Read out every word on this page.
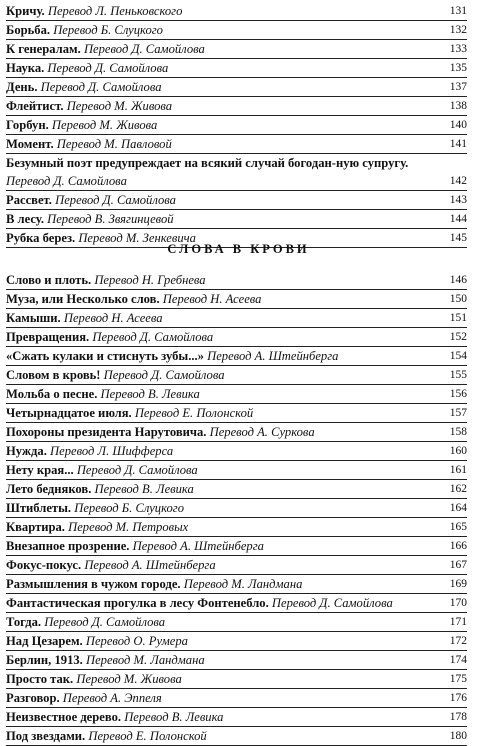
Кричу. Перевод Л. Пеньковского	131
Борьба. Перевод Б. Слуцкого	132
К генералам. Перевод Д. Самойлова	133
Наука. Перевод Д. Самойлова	135
День. Перевод Д. Самойлова	137
Флейтист. Перевод М. Живова	138
Горбун. Перевод М. Живова	140
Момент. Перевод М. Павловой	141
Безумный поэт предупреждает на всякий случай богодан-ную супругу. Перевод Д. Самойлова	142
Рассвет. Перевод Д. Самойлова	143
В лесу. Перевод В. Звягинцевой	144
Рубка берез. Перевод М. Зенкевича	145
СЛОВА В КРОВИ
Слово и плоть. Перевод Н. Гребнева	146
Муза, или Несколько слов. Перевод Н. Асеева	150
Камыши. Перевод Н. Асеева	151
Превращения. Перевод Д. Самойлова	152
«Сжать кулаки и стиснуть зубы...» Перевод А. Штейнберга	154
Словом в кровь! Перевод Д. Самойлова	155
Мольба о песне. Перевод В. Левика	156
Четырнадцатое июля. Перевод Е. Полонской	157
Похороны президента Нарутовича. Перевод А. Суркова	158
Нужда. Перевод Л. Шифферса	160
Нету края... Перевод Д. Самойлова	161
Лето бедняков. Перевод В. Левика	162
Штиблеты. Перевод Б. Слуцкого	164
Квартира. Перевод М. Петровых	165
Внезапное прозрение. Перевод А. Штейнберга	166
Фокус-покус. Перевод А. Штейнберга	167
Размышления в чужом городе. Перевод М. Ландмана	169
Фантастическая прогулка в лесу Фонтенебло. Перевод Д. Самойлова	170
Тогда. Перевод Д. Самойлова	171
Над Цезарем. Перевод О. Румера	172
Берлин, 1913. Перевод М. Ландмана	174
Просто так. Перевод М. Живова	175
Разговор. Перевод А. Эппеля	176
Неизвестное дерево. Перевод В. Левика	178
Под звездами. Перевод Е. Полонской	180
